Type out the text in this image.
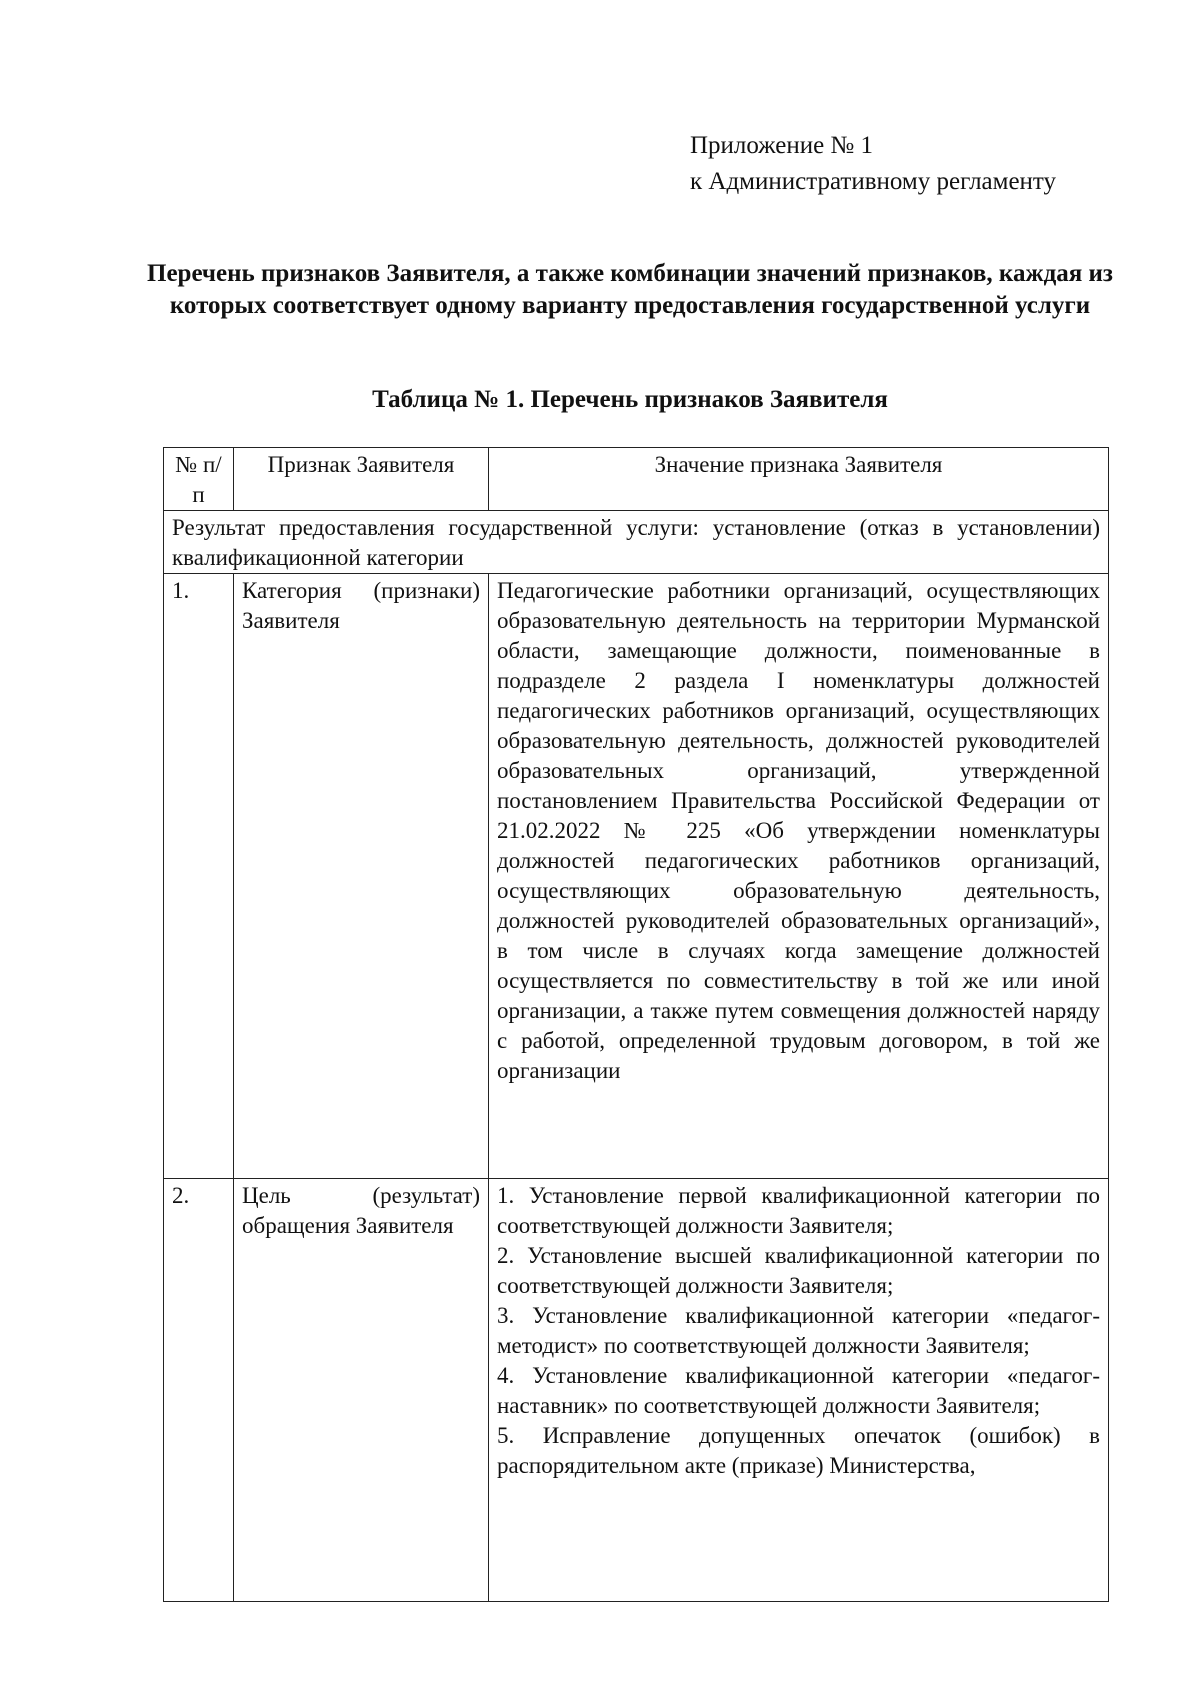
Приложение № 1
к Административному регламенту
Перечень признаков Заявителя, а также комбинации значений признаков, каждая из которых соответствует одному варианту предоставления государственной услуги
Таблица № 1. Перечень признаков Заявителя
№ п/п	Признак Заявителя	Значение признака Заявителя
Результат предоставления государственной услуги: установление (отказ в установлении) квалификационной категории		
1.	Категория (признаки) Заявителя	Педагогические работники организаций, осуществляющих образовательную деятельность на территории Мурманской области, замещающие должности, поименованные в подразделе 2 раздела I номенклатуры должностей педагогических работников организаций, осуществляющих образовательную деятельность, должностей руководителей образовательных организаций, утвержденной постановлением Правительства Российской Федерации от 21.02.2022 № 225 «Об утверждении номенклатуры должностей педагогических работников организаций, осуществляющих образовательную деятельность, должностей руководителей образовательных организаций», в том числе в случаях когда замещение должностей осуществляется по совместительству в той же или иной организации, а также путем совмещения должностей наряду с работой, определенной трудовым договором, в той же организации
2.	Цель (результат) обращения Заявителя	1. Установление первой квалификационной категории по соответствующей должности Заявителя;

2. Установление высшей квалификационной категории по соответствующей должности Заявителя;

3. Установление квалификационной категории «педагог-методист» по соответствующей должности Заявителя;

4. Установление квалификационной категории «педагог-наставник» по соответствующей должности Заявителя;

5. Исправление допущенных опечаток (ошибок) в распорядительном акте (приказе) Министерства,
